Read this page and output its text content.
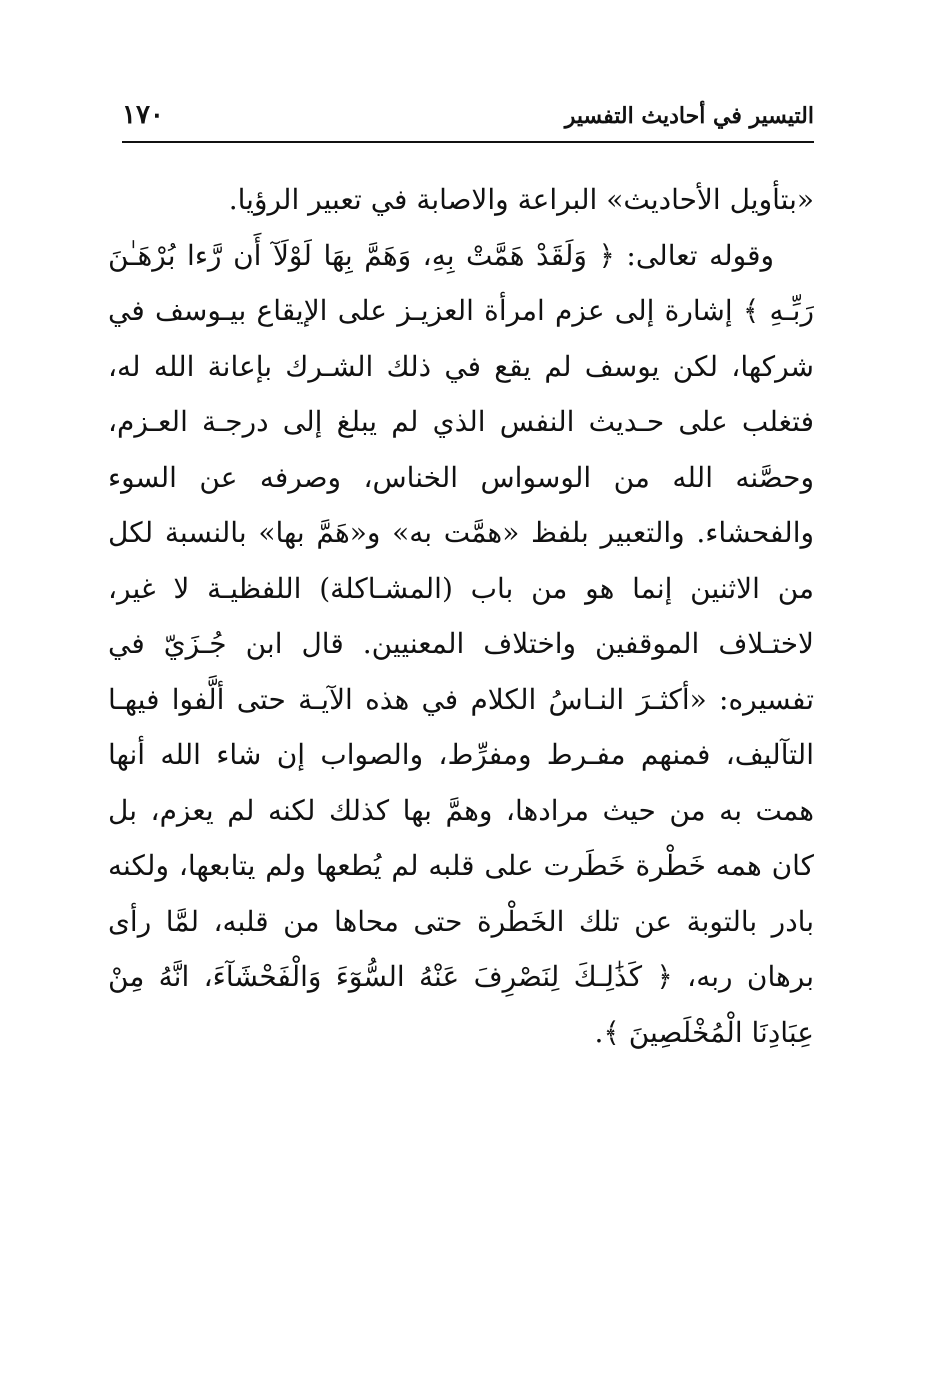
١٧٠	التيسير في أحاديث التفسير

«بتأويل الأحاديث» البراعة والاصابة في تعبير الرؤيا.

وقوله تعالى: ﴿ وَلَقَدْ هَمَّتْ بِهِ، وَهَمَّ بِهَا لَوْلَآ أَن رَّءا بُرْهَـٰنَ رَبِّـهِ ﴾ إشارة إلى عزم امرأة العزيـز على الإيقاع بيـوسف في شركها، لكن يوسف لم يقع في ذلك الشـرك بإعانة الله له، فتغلب على حـديث النفس الذي لم يبلغ إلى درجـة العـزم، وحصَّنه الله من الوسواس الخناس، وصرفه عن السوء والفحشاء. والتعبير بلفظ «همَّت به» و«هَمَّ بها» بالنسبة لكل من الاثنين إنما هو من باب (المشـاكلة) اللفظيـة لا غير، لاختـلاف الموقفين واختلاف المعنيين. قال ابن جُـزَيّ في تفسيره: «أكثـرَ النـاسُ الكلام في هذه الآيـة حتى ألَّفوا فيهـا التآليف، فمنهم مفـرط ومفرِّط، والصواب إن شاء الله أنها همت به من حيث مرادها، وهمَّ بها كذلك لكنه لم يعزم، بل كان همه خَطْرة خَطَرت على قلبه لم يُطعها ولم يتابعها، ولكنه بادر بالتوبة عن تلك الخَطْرة حتى محاها من قلبه، لمَّا رأى برهان ربه، ﴿ كَذَٰلِـكَ لِنَصْرِفَ عَنْهُ السُّوٓءَ وَالْفَحْشَآءَ، انَّهُ مِنْ عِبَادِنَا الْمُخْلَصِينَ ﴾.
